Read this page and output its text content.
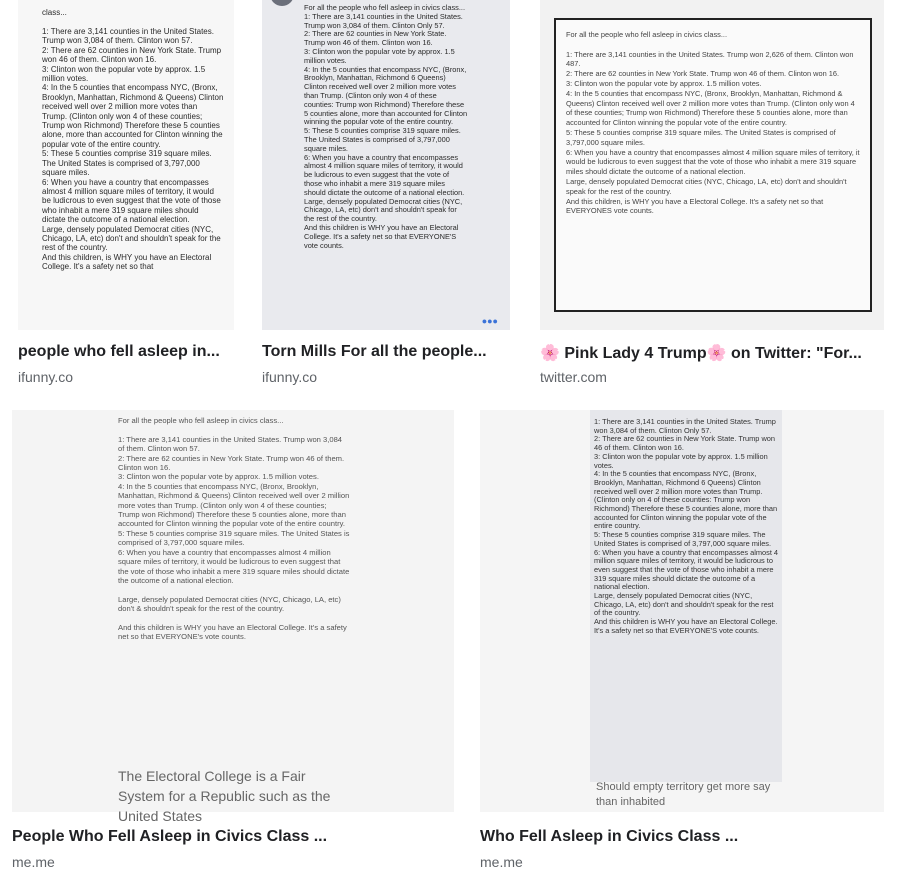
class...
1: There are 3,141 counties in the United States. Trump won 3,084 of them. Clinton won 57.
2: There are 62 counties in New York State. Trump won 46 of them. Clinton won 16.
3: Clinton won the popular vote by approx. 1.5 million votes.
4: In the 5 counties that encompass NYC, (Bronx, Brooklyn, Manhattan, Richmond & Queens) Clinton received well over 2 million more votes than Trump. (Clinton only won 4 of these counties; Trump won Richmond) Therefore these 5 counties alone, more than accounted for Clinton winning the popular vote of the entire country.
5: These 5 counties comprise 319 square miles. The United States is comprised of 3,797,000 square miles.
6: When you have a country that encompasses almost 4 million square miles of territory, it would be ludicrous to even suggest that the vote of those who inhabit a mere 319 square miles should dictate the outcome of a national election.
Large, densely populated Democrat cities (NYC, Chicago, LA, etc) don't and shouldn't speak for the rest of the country.
And this children, is WHY you have an Electoral College. It's a safety net so that
people who fell asleep in...
ifunny.co
For all the people who fell asleep in civics class...
1: There are 3,141 counties in the United States. Trump won 3,084 of them. Clinton Only 57.
2: There are 62 counties in New York State. Trump won 46 of them. Clinton won 16.
3: Clinton won the popular vote by approx. 1.5 million votes.
4: In the 5 counties that encompass NYC, (Bronx, Brooklyn, Manhattan, Richmond 6 Queens) Clinton received well over 2 million more votes than Trump. (Clinton only won 4 of these counties: Trump won Richmond) Therefore these 5 counties alone, more than accounted for Clinton winning the popular vote of the entire country.
5: These 5 counties comprise 319 square miles. The United States is comprised of 3,797,000 square miles.
6: When you have a country that encompasses almost 4 million square miles of territory, it would be ludicrous to even suggest that the vote of those who inhabit a mere 319 square miles should dictate the outcome of a national election.
Large, densely populated Democrat cities (NYC, Chicago, LA, etc) don't and shouldn't speak for the rest of the country.
And this children is WHY you have an Electoral College. It's a safety net so that EVERYONE'S vote counts.
●●●
Torn Mills For all the people...
ifunny.co
For all the people who fell asleep in civics class...

1: There are 3,141 counties in the United States. Trump won 2,626 of them. Clinton won 487.
2: There are 62 counties in New York State. Trump won 46 of them. Clinton won 16.
3: Clinton won the popular vote by approx. 1.5 million votes.
4: In the 5 counties that encompass NYC, (Bronx, Brooklyn, Manhattan, Richmond & Queens) Clinton received well over 2 million more votes than Trump. (Clinton only won 4 of these counties; Trump won Richmond) Therefore these 5 counties alone, more than accounted for Clinton winning the popular vote of the entire country.
5: These 5 counties comprise 319 square miles. The United States is comprised of 3,797,000 square miles.
6: When you have a country that encompasses almost 4 million square miles of territory, it would be ludicrous to even suggest that the vote of those who inhabit a mere 319 square miles should dictate the outcome of a national election.
Large, densely populated Democrat cities (NYC, Chicago, LA, etc) don't and shouldn't speak for the rest of the country.
And this children, is WHY you have a Electoral College. It's a safety net so that EVERYONES vote counts.
🌸 Pink Lady 4 Trump🌸 on Twitter: "For...
twitter.com
For all the people who fell asleep in civics class...

1: There are 3,141 counties in the United States. Trump won 3,084 of them. Clinton won 57.
2: There are 62 counties in New York State. Trump won 46 of them. Clinton won 16.
3: Clinton won the popular vote by approx. 1.5 million votes.
4: In the 5 counties that encompass NYC, (Bronx, Brooklyn, Manhattan, Richmond & Queens) Clinton received well over 2 million more votes than Trump. (Clinton only won 4 of these counties; Trump won Richmond) Therefore these 5 counties alone, more than accounted for Clinton winning the popular vote of the entire country.
5: These 5 counties comprise 319 square miles. The United States is comprised of 3,797,000 square miles.
6: When you have a country that encompasses almost 4 million square miles of territory, it would be ludicrous to even suggest that the vote of those who inhabit a mere 319 square miles should dictate the outcome of a national election.

Large, densely populated Democrat cities (NYC, Chicago, LA, etc) don't & shouldn't speak for the rest of the country.

And this children is WHY you have an Electoral College. It's a safety net so that EVERYONE's vote counts.
The Electoral College is a Fair System for a Republic such as the United States
People Who Fell Asleep in Civics Class ...
me.me
1: There are 3,141 counties in the United States. Trump won 3,084 of them. Clinton Only 57.
2: There are 62 counties in New York State. Trump won 46 of them. Clinton won 16.
3: Clinton won the popular vote by approx. 1.5 million votes.
4: In the 5 counties that encompass NYC, (Bronx, Brooklyn, Manhattan, Richmond 6 Queens) Clinton received well over 2 million more votes than Trump. (Clinton only on 4 of these counties: Trump won Richmond) Therefore these 5 counties alone, more than accounted for Clinton winning the popular vote of the entire country.
5: These 5 counties comprise 319 square miles. The United States is comprised of 3,797,000 square miles.
6: When you have a country that encompasses almost 4 million square miles of territory, it would be ludicrous to even suggest that the vote of those who inhabit a mere 319 square miles should dictate the outcome of a national election.
Large, densely populated Democrat cities (NYC, Chicago, LA, etc) don't and shouldn't speak for the rest of the country.
And this children is WHY you have an Electoral College. It's a safety net so that EVERYONE'S vote counts.
Should empty territory get more say than inhabited
Who Fell Asleep in Civics Class ...
me.me
